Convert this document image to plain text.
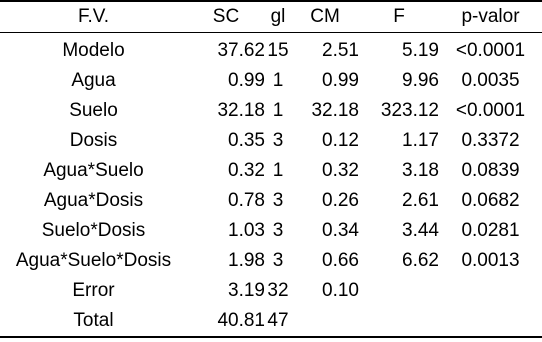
F.V.	SC	gl	CM	F	p-valor
Modelo	37.62	15	2.51	5.19	<0.0001
Agua	0.99	1	0.99	9.96	0.0035
Suelo	32.18	1	32.18	323.12	<0.0001
Dosis	0.35	3	0.12	1.17	0.3372
Agua*Suelo	0.32	1	0.32	3.18	0.0839
Agua*Dosis	0.78	3	0.26	2.61	0.0682
Suelo*Dosis	1.03	3	0.34	3.44	0.0281
Agua*Suelo*Dosis	1.98	3	0.66	6.62	0.0013
Error	3.19	32	0.10		
Total	40.81	47			
